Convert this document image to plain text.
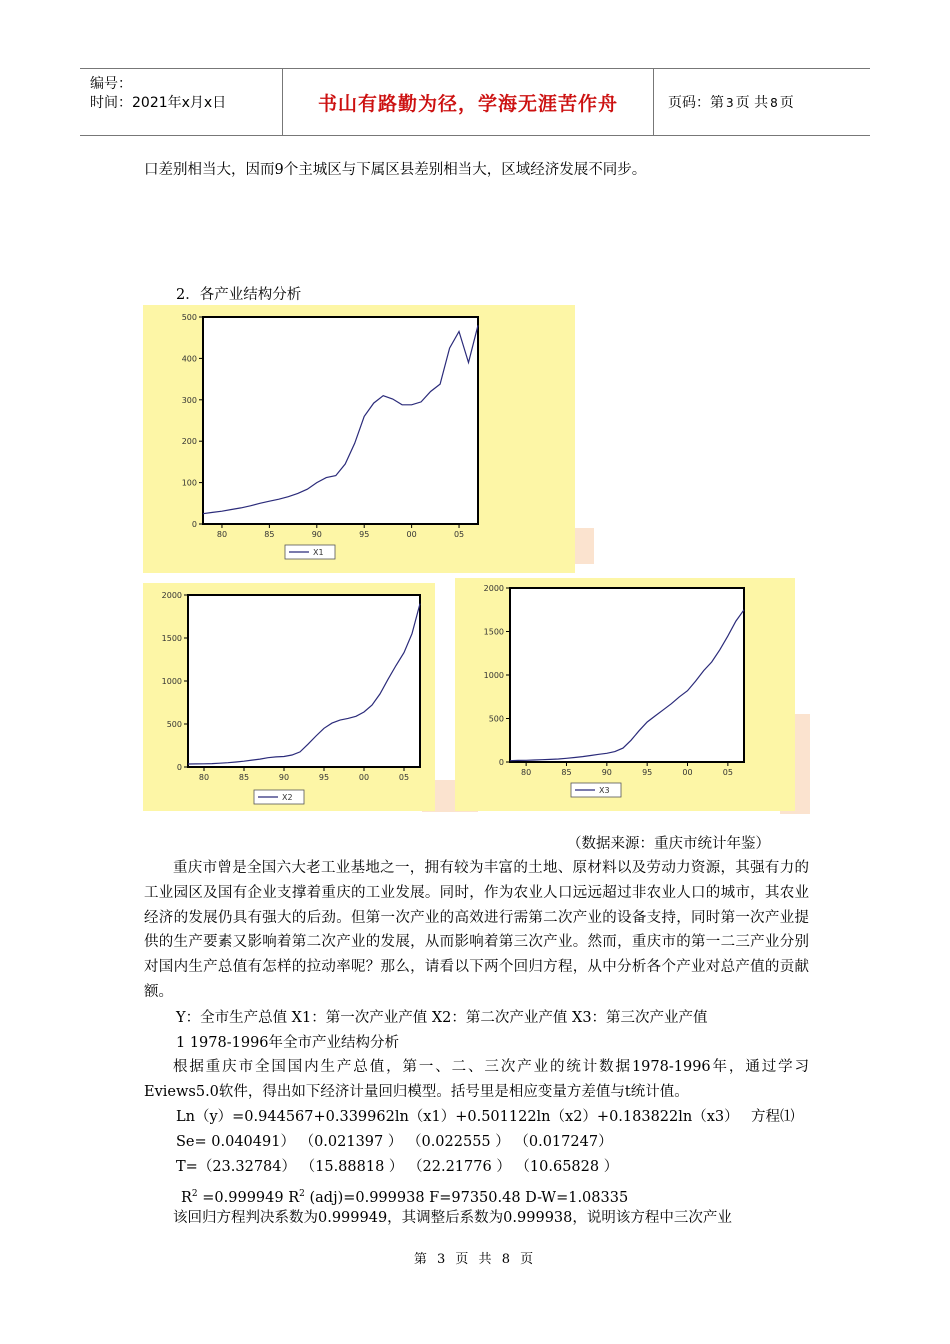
编号：
时间：2021年x月x日	书山有路勤为径，学海无涯苦作舟	页码：第 3 页 共 8 页
口差别相当大，因而9个主城区与下属区县差别相当大，区域经济发展不同步。
2．各产业结构分析
0
100
200
300
400
500
80	85	90	95	00	05
X1
0
500
1000
1500
2000
80	85	90	95	00	05
X2
0
500
1000
1500
2000
80	85	90	95	00	05
X3
（数据来源：重庆市统计年鉴）
重庆市曾是全国六大老工业基地之一，拥有较为丰富的土地、原材料以及劳动力资源，其强有力的工业园区及国有企业支撑着重庆的工业发展。同时，作为农业人口远远超过非农业人口的城市，其农业经济的发展仍具有强大的后劲。但第一次产业的高效进行需第二次产业的设备支持，同时第一次产业提供的生产要素又影响着第二次产业的发展，从而影响着第三次产业。然而，重庆市的第一二三产业分别对国内生产总值有怎样的拉动率呢？那么，请看以下两个回归方程，从中分析各个产业对总产值的贡献额。
Y：全市生产总值 X1：第一次产业产值 X2：第二次产业产值 X3：第三次产业产值
1 1978-1996年全市产业结构分析
根据重庆市全国国内生产总值，第一、二、三次产业的统计数据1978-1996年，通过学习Eviews5.0软件，得出如下经济计量回归模型。括号里是相应变量方差值与t统计值。
Ln（y）=0.944567+0.339962ln（x1）+0.501122ln（x2）+0.183822ln（x3） 方程⑴
Se= 0.040491） （0.021397 ） （0.022555 ） （0.017247）
T=（23.32784） （15.88818 ） （22.21776 ） （10.65828 ）
$R^2 =0.999949$ $R^2$ (adj)=0.999938 F=97350.48 D-W=1.08335
该回归方程判决系数为0.999949，其调整后系数为0.999938，说明该方程中三次产业
第 3 页 共 8 页
